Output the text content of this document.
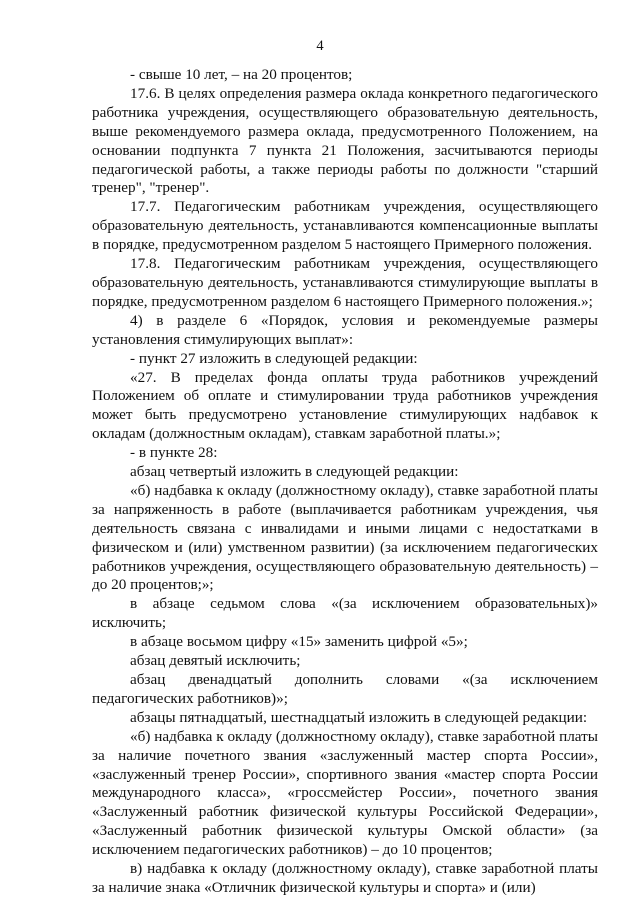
4

- свыше 10 лет, – на 20 процентов;

17.6. В целях определения размера оклада конкретного педагогического работника учреждения, осуществляющего образовательную деятельность, выше рекомендуемого размера оклада, предусмотренного Положением, на основании подпункта 7 пункта 21 Положения, засчитываются периоды педагогической работы, а также периоды работы по должности "старший тренер", "тренер".

17.7. Педагогическим работникам учреждения, осуществляющего образовательную деятельность, устанавливаются компенсационные выплаты в порядке, предусмотренном разделом 5 настоящего Примерного положения.

17.8. Педагогическим работникам учреждения, осуществляющего образовательную деятельность, устанавливаются стимулирующие выплаты в порядке, предусмотренном разделом 6 настоящего Примерного положения.»;

4) в разделе 6 «Порядок, условия и рекомендуемые размеры установления стимулирующих выплат»:

- пункт 27 изложить в следующей редакции:

«27. В пределах фонда оплаты труда работников учреждений Положением об оплате и стимулировании труда работников учреждения может быть предусмотрено установление стимулирующих надбавок к окладам (должностным окладам), ставкам заработной платы.»;

- в пункте 28:

абзац четвертый изложить в следующей редакции:

«б) надбавка к окладу (должностному окладу), ставке заработной платы за напряженность в работе (выплачивается работникам учреждения, чья деятельность связана с инвалидами и иными лицами с недостатками в физическом и (или) умственном развитии) (за исключением педагогических работников учреждения, осуществляющего образовательную деятельность) – до 20 процентов;»;

в абзаце седьмом слова «(за исключением образовательных)» исключить;

в абзаце восьмом цифру «15» заменить цифрой «5»;

абзац девятый исключить;

абзац двенадцатый дополнить словами «(за исключением педагогических работников)»;

абзацы пятнадцатый, шестнадцатый изложить в следующей редакции:

«б) надбавка к окладу (должностному окладу), ставке заработной платы за наличие почетного звания «заслуженный мастер спорта России», «заслуженный тренер России», спортивного звания «мастер спорта России международного класса», «гроссмейстер России», почетного звания «Заслуженный работник физической культуры Российской Федерации», «Заслуженный работник физической культуры Омской области» (за исключением педагогических работников) – до 10 процентов;

в) надбавка к окладу (должностному окладу), ставке заработной платы за наличие знака «Отличник физической культуры и спорта» и (или)
